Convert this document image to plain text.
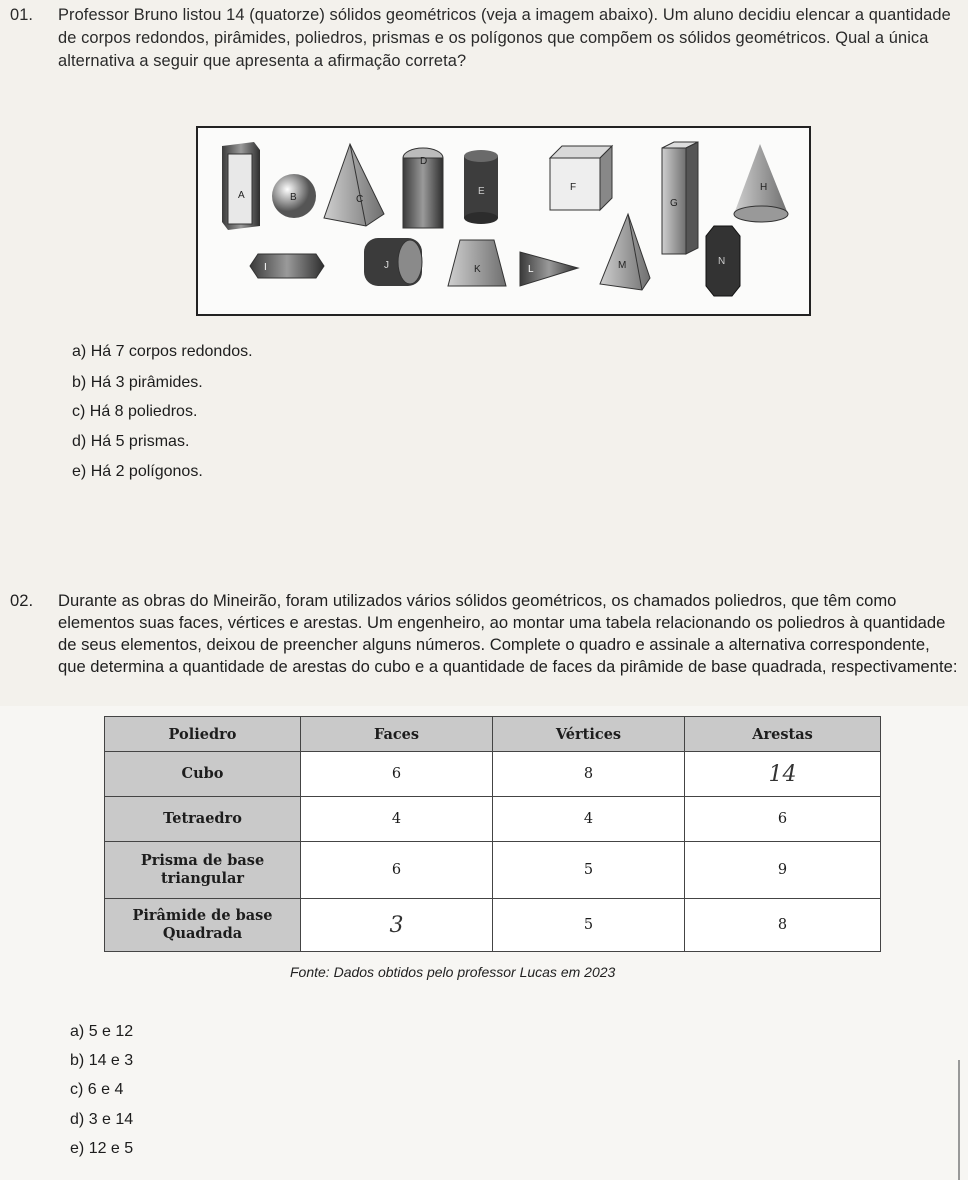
01. Professor Bruno listou 14 (quatorze) sólidos geométricos (veja a imagem abaixo). Um aluno decidiu elencar a quantidade de corpos redondos, pirâmides, poliedros, prismas e os polígonos que compõem os sólidos geométricos. Qual a única alternativa a seguir que apresenta a afirmação correta?
A	B	C
D
E	F
G
H
I	J	K	L	M	N
a) Há 7 corpos redondos.
b) Há 3 pirâmides.
c) Há 8 poliedros.
d) Há 5 prismas.
e) Há 2 polígonos.
02. Durante as obras do Mineirão, foram utilizados vários sólidos geométricos, os chamados poliedros, que têm como elementos suas faces, vértices e arestas. Um engenheiro, ao montar uma tabela relacionando os poliedros à quantidade de seus elementos, deixou de preencher alguns números. Complete o quadro e assinale a alternativa correspondente, que determina a quantidade de arestas do cubo e a quantidade de faces da pirâmide de base quadrada, respectivamente:
Poliedro	Faces	Vértices	Arestas
Cubo	6	8	14
Tetraedro	4	4	6
Prisma de base triangular	6	5	9
Pirâmide de base Quadrada	3	5	8
Fonte: Dados obtidos pelo professor Lucas em 2023
a) 5 e 12
b) 14 e 3
c) 6 e 4
d) 3 e 14
e) 12 e 5
